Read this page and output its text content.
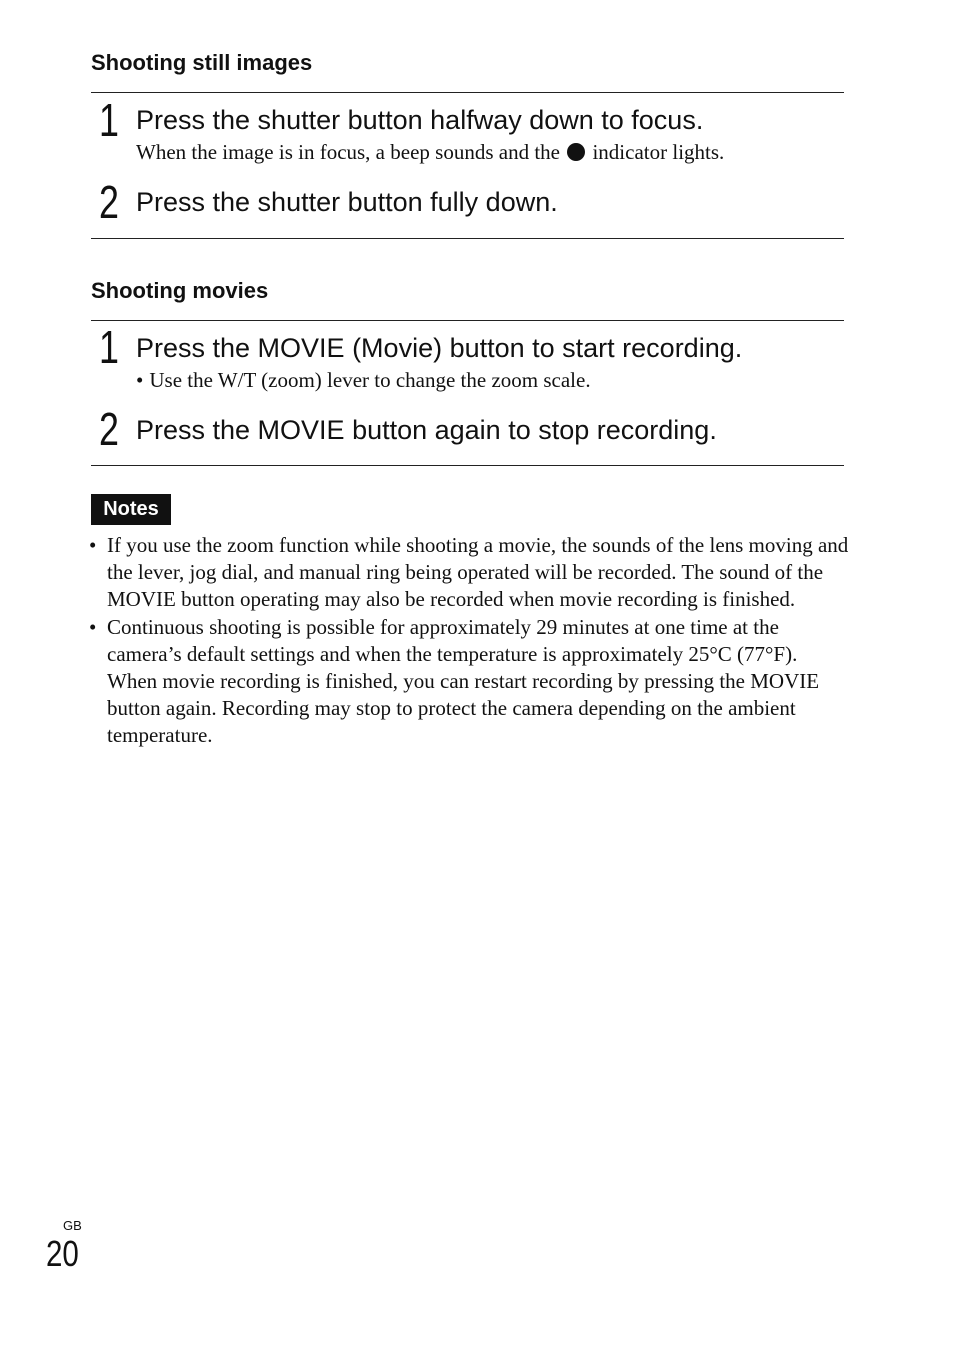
Shooting still images
1 Press the shutter button halfway down to focus.
When the image is in focus, a beep sounds and the indicator lights.
2 Press the shutter button fully down.
Shooting movies
1 Press the MOVIE (Movie) button to start recording.
• Use the W/T (zoom) lever to change the zoom scale.
2 Press the MOVIE button again to stop recording.
Notes
• If you use the zoom function while shooting a movie, the sounds of the lens moving and the lever, jog dial, and manual ring being operated will be recorded. The sound of the MOVIE button operating may also be recorded when movie recording is finished.
• Continuous shooting is possible for approximately 29 minutes at one time at the camera’s default settings and when the temperature is approximately 25°C (77°F). When movie recording is finished, you can restart recording by pressing the MOVIE button again. Recording may stop to protect the camera depending on the ambient temperature.
GB
20
